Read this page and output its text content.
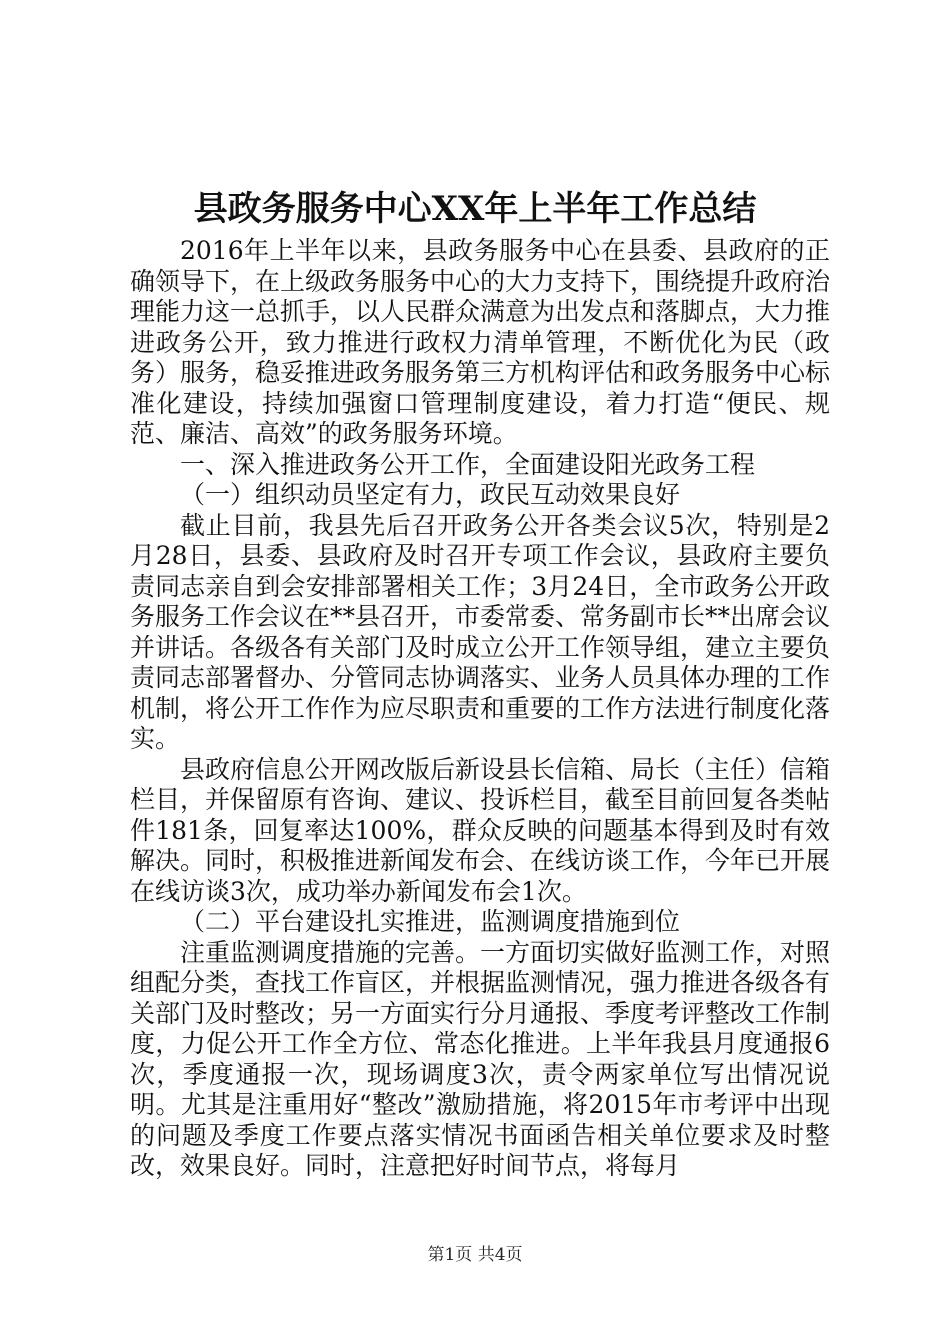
县政务服务中心XX年上半年工作总结

2016年上半年以来，县政务服务中心在县委、县政府的正确领导下，在上级政务服务中心的大力支持下，围绕提升政府治理能力这一总抓手，以人民群众满意为出发点和落脚点，大力推进政务公开，致力推进行政权力清单管理，不断优化为民（政务）服务，稳妥推进政务服务第三方机构评估和政务服务中心标准化建设，持续加强窗口管理制度建设，着力打造“便民、规范、廉洁、高效”的政务服务环境。

一、深入推进政务公开工作，全面建设阳光政务工程

（一）组织动员坚定有力，政民互动效果良好

截止目前，我县先后召开政务公开各类会议5次，特别是2月28日，县委、县政府及时召开专项工作会议，县政府主要负责同志亲自到会安排部署相关工作；3月24日，全市政务公开政务服务工作会议在**县召开，市委常委、常务副市长**出席会议并讲话。各级各有关部门及时成立公开工作领导组，建立主要负责同志部署督办、分管同志协调落实、业务人员具体办理的工作机制，将公开工作作为应尽职责和重要的工作方法进行制度化落实。

县政府信息公开网改版后新设县长信箱、局长（主任）信箱栏目，并保留原有咨询、建议、投诉栏目，截至目前回复各类帖件181条，回复率达100%，群众反映的问题基本得到及时有效解决。同时，积极推进新闻发布会、在线访谈工作，今年已开展在线访谈3次，成功举办新闻发布会1次。

（二）平台建设扎实推进，监测调度措施到位

注重监测调度措施的完善。一方面切实做好监测工作，对照组配分类，查找工作盲区，并根据监测情况，强力推进各级各有关部门及时整改；另一方面实行分月通报、季度考评整改工作制度，力促公开工作全方位、常态化推进。上半年我县月度通报6次，季度通报一次，现场调度3次，责令两家单位写出情况说明。尤其是注重用好“整改”激励措施，将2015年市考评中出现的问题及季度工作要点落实情况书面函告相关单位要求及时整改，效果良好。同时，注意把好时间节点，将每月

第1页 共4页
